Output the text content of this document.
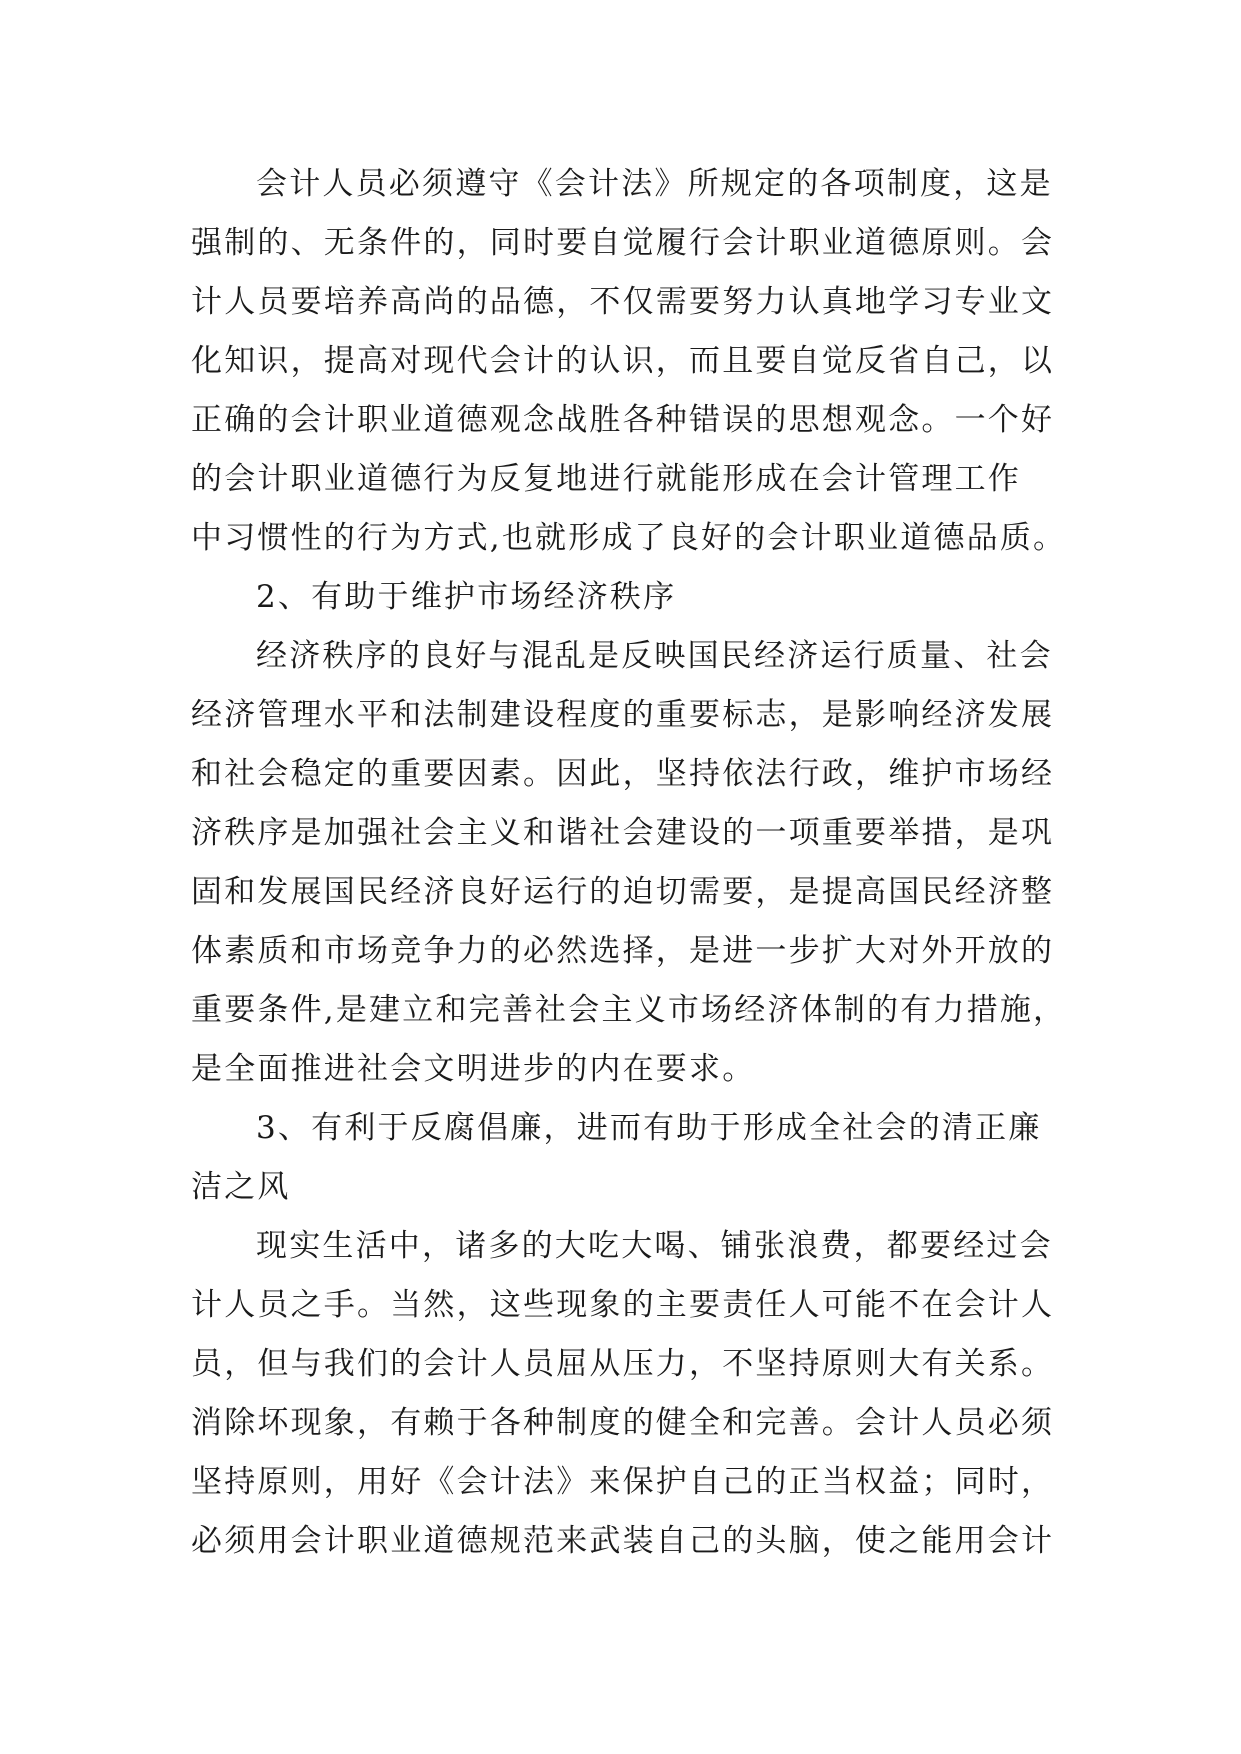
会计人员必须遵守《会计法》所规定的各项制度，这是
强制的、无条件的，同时要自觉履行会计职业道德原则。会
计人员要培养高尚的品德，不仅需要努力认真地学习专业文
化知识，提高对现代会计的认识，而且要自觉反省自己，以
正确的会计职业道德观念战胜各种错误的思想观念。一个好
的会计职业道德行为反复地进行就能形成在会计管理工作
中习惯性的行为方式,也就形成了良好的会计职业道德品质。
2、有助于维护市场经济秩序
经济秩序的良好与混乱是反映国民经济运行质量、社会
经济管理水平和法制建设程度的重要标志，是影响经济发展
和社会稳定的重要因素。因此，坚持依法行政，维护市场经
济秩序是加强社会主义和谐社会建设的一项重要举措，是巩
固和发展国民经济良好运行的迫切需要，是提高国民经济整
体素质和市场竞争力的必然选择，是进一步扩大对外开放的
重要条件,是建立和完善社会主义市场经济体制的有力措施，
是全面推进社会文明进步的内在要求。
3、有利于反腐倡廉，进而有助于形成全社会的清正廉
洁之风
现实生活中，诸多的大吃大喝、铺张浪费，都要经过会
计人员之手。当然，这些现象的主要责任人可能不在会计人
员，但与我们的会计人员屈从压力，不坚持原则大有关系。
消除坏现象，有赖于各种制度的健全和完善。会计人员必须
坚持原则，用好《会计法》来保护自己的正当权益；同时，
必须用会计职业道德规范来武装自己的头脑，使之能用会计
